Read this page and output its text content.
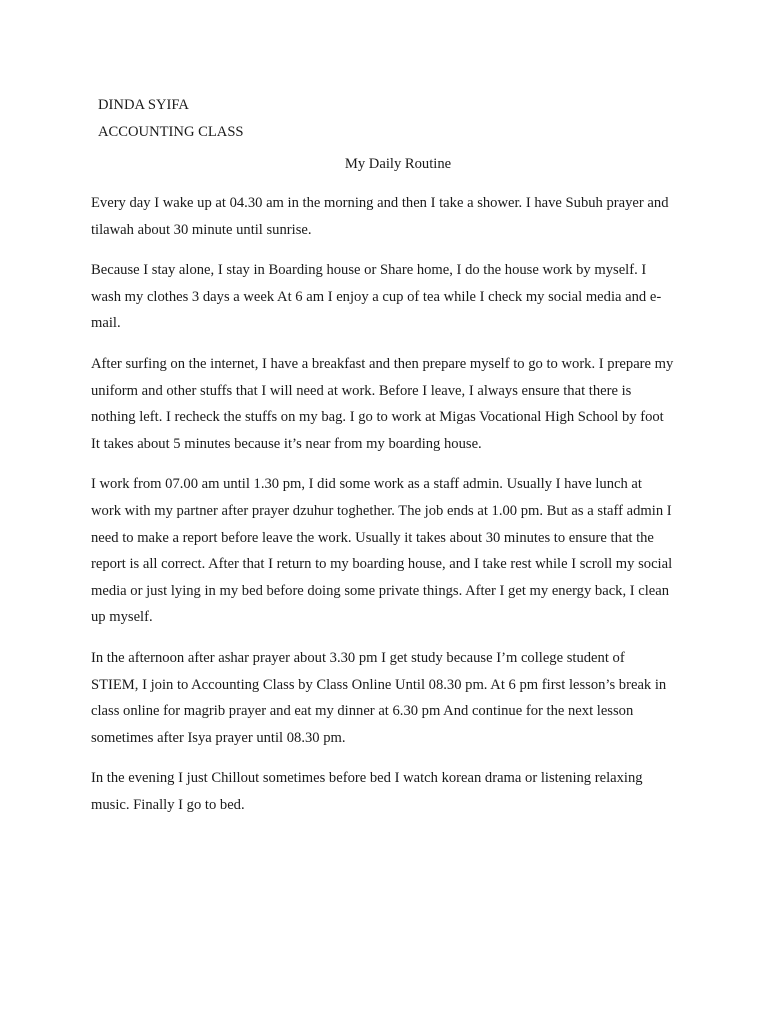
DINDA SYIFA
ACCOUNTING CLASS
My Daily Routine

Every day I wake up at 04.30 am in the morning and then I take a shower. I have Subuh prayer and tilawah about 30 minute until sunrise.

Because I stay alone, I stay in Boarding house or Share home, I do the house work by myself. I wash my clothes 3 days a week At 6 am I enjoy a cup of tea while I check my social media and e-mail.

After surfing on the internet, I have a breakfast and then prepare myself to go to work. I prepare my uniform and other stuffs that I will need at work. Before I leave, I always ensure that there is nothing left. I recheck the stuffs on my bag. I go to work at Migas Vocational High School by foot It takes about 5 minutes because it’s near from my boarding house.

I work from 07.00 am until 1.30 pm, I did some work as a staff admin. Usually I have lunch at work with my partner after prayer dzuhur toghether. The job ends at 1.00 pm. But as a staff admin I need to make a report before leave the work. Usually it takes about 30 minutes to ensure that the report is all correct. After that I return to my boarding house, and I take rest while I scroll my social media or just lying in my bed before doing some private things. After I get my energy back, I clean up myself.

In the afternoon after ashar prayer about 3.30 pm I get study because I’m college student of STIEM, I join to Accounting Class by Class Online Until 08.30 pm. At 6 pm first lesson’s break in class online for magrib prayer and eat my dinner at 6.30 pm And continue for the next lesson sometimes after Isya prayer until 08.30 pm.

In the evening I just Chillout sometimes before bed I watch korean drama or listening relaxing music. Finally I go to bed.
